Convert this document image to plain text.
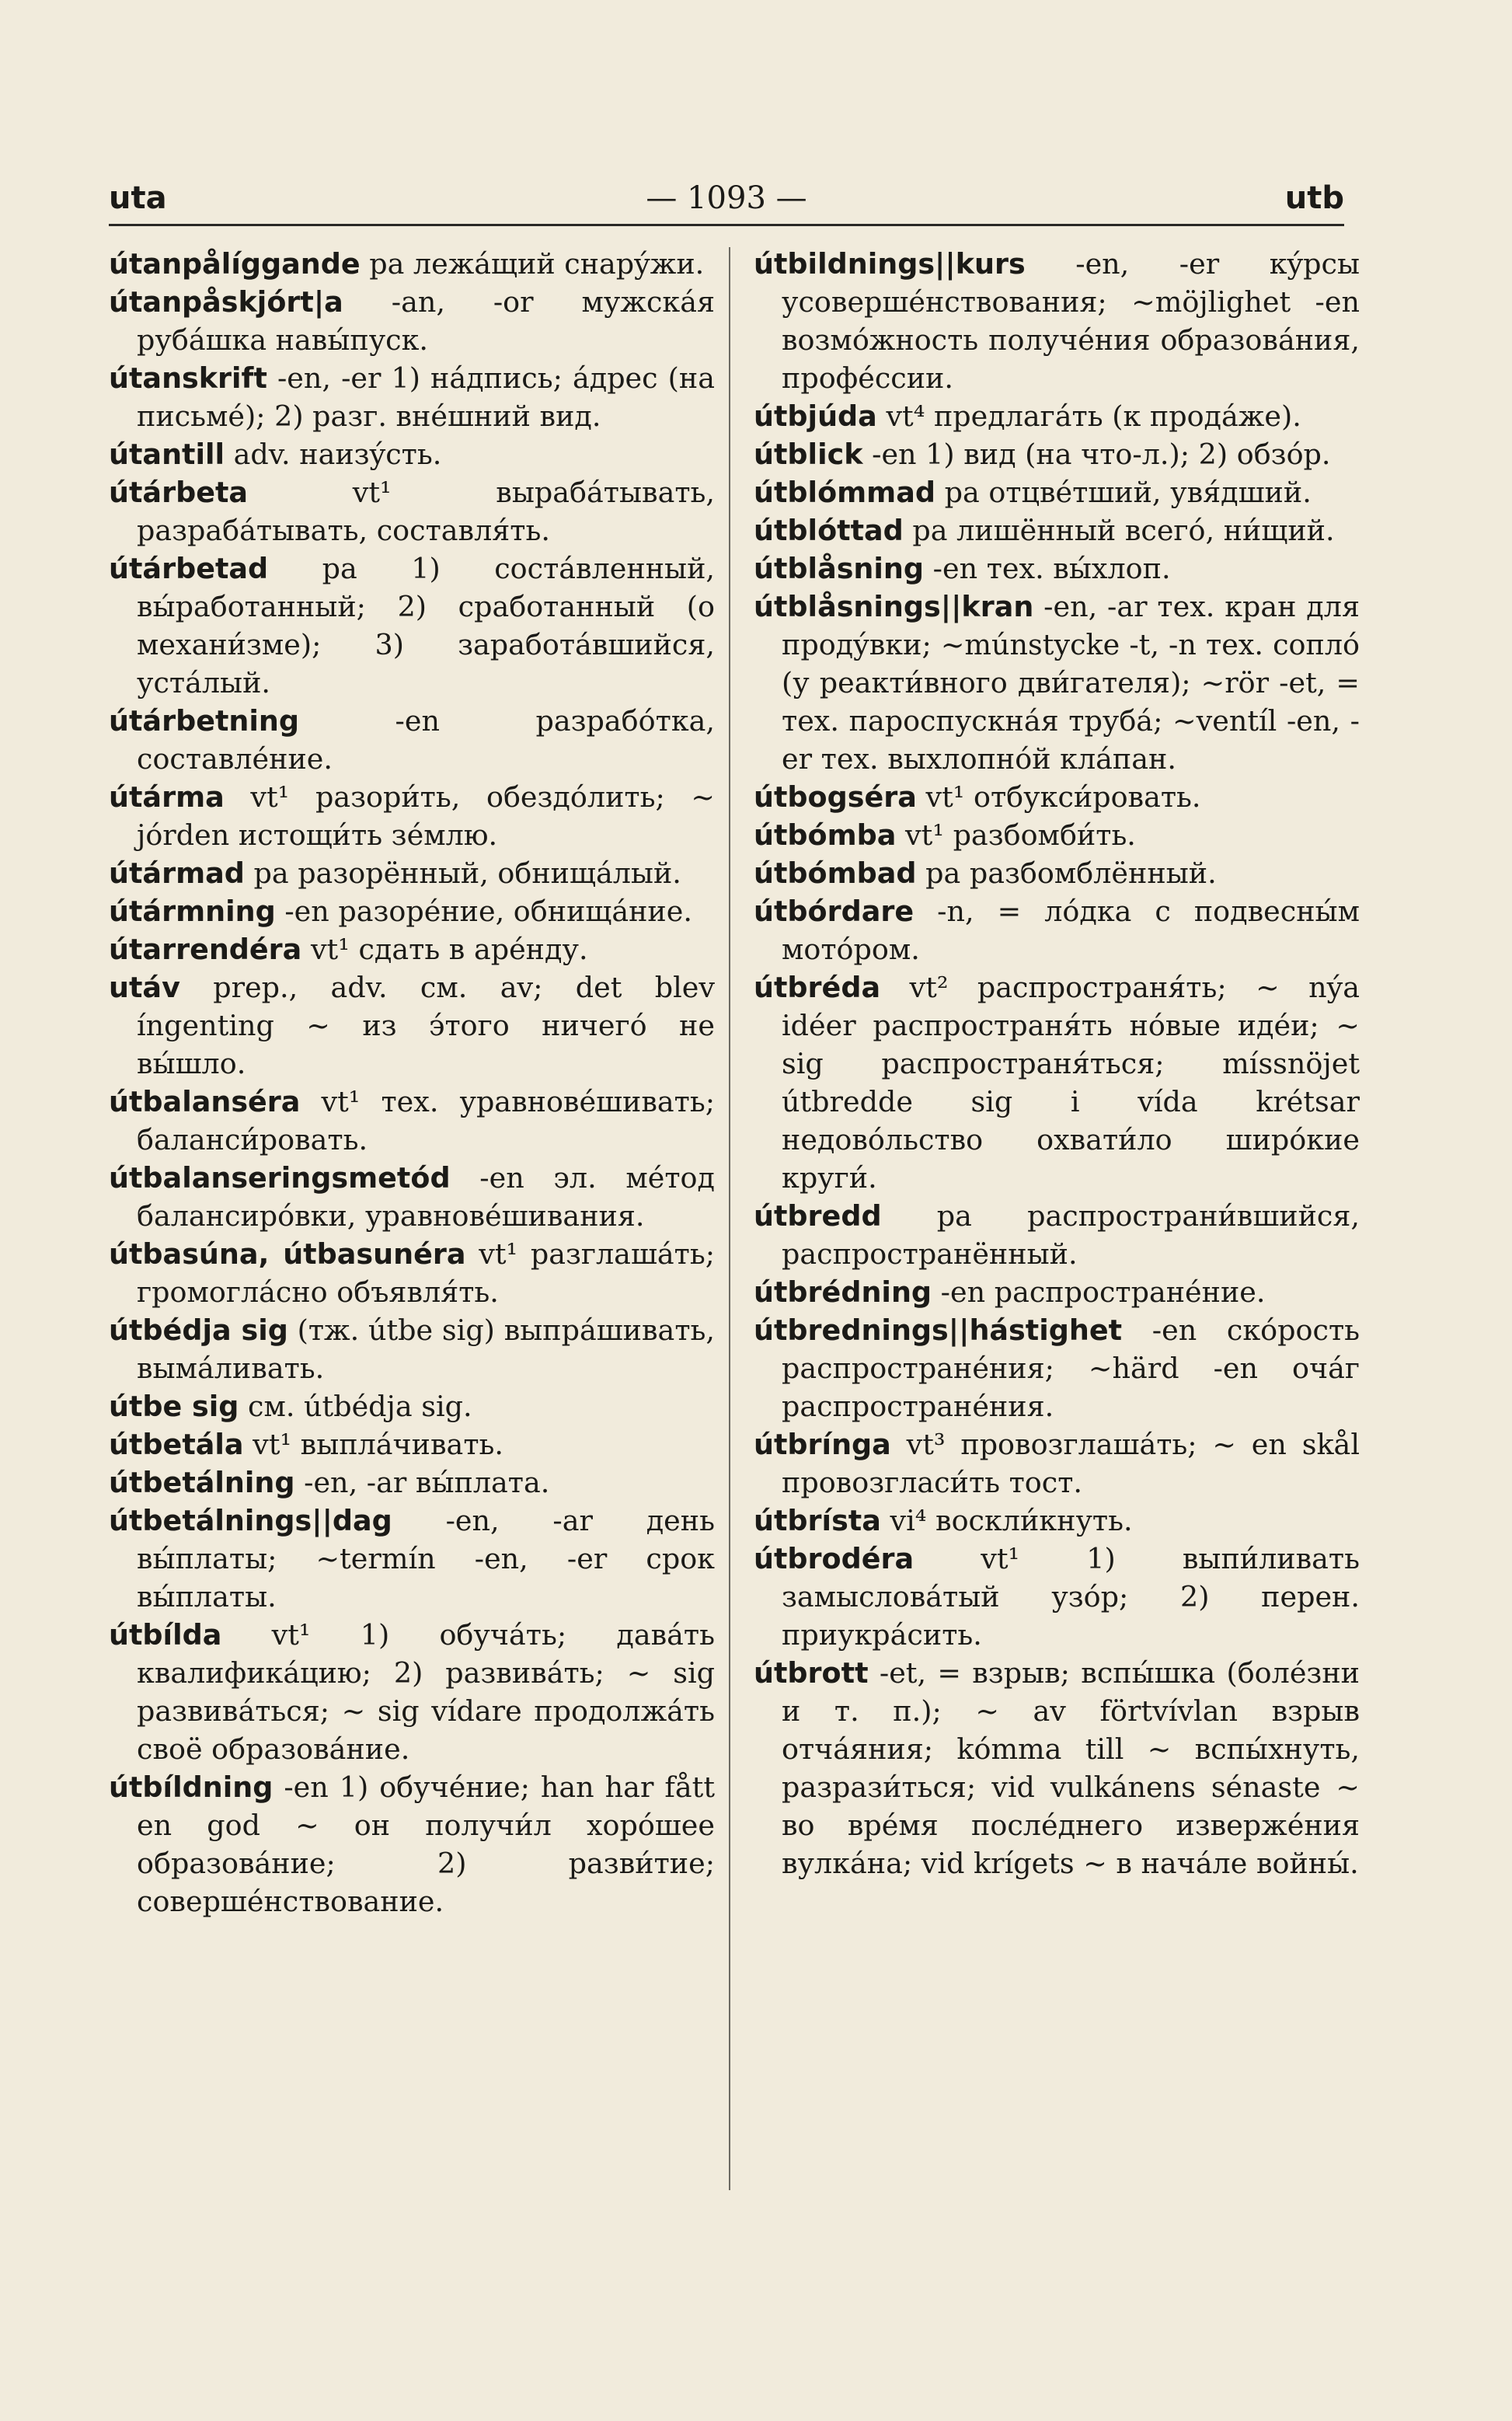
uta	— 1093 —	utb

útanpålíggande pa лежáщий снарýжи.

útanpåskjórt|a -an, -or мужскáя рубáшка навы́пуск.

útanskrift -en, -er 1) нáдпись; áдрес (на письмé); 2) разг. внéшний вид.

útantill adv. наизýсть.

útárbeta	vt¹ вырабáтывать, разрабáтывать, составля́ть.

útárbetad pa 1) состáвленный, вы́работанный; 2) сработанный (о механи́зме); 3) заработáвшийся, устáлый.

útárbetning	-en разрабóтка, составлéние.

útárma vt¹ разори́ть, обездóлить; ~ jórden истощи́ть зéмлю.

útármad pa разорённый, обнищáлый.

útármning -en разорéние, обнищáние.

útarrendéra vt¹ сдать в арéнду.

utáv prep., adv. см. av; det blev íngenting ~ из э́того ничегó не вы́шло.

útbalanséra vt¹ тех. уравновéшивать; баланси́ровать.

útbalanseringsmetód -en эл. мéтод балансирóвки, уравновéшивания.

útbasúna, útbasunéra vt¹ разглашáть; громоглáсно объявля́ть.

útbédja sig (тж. útbe sig) выпрáшивать, вымáливать.

útbe sig см. útbédja sig.

útbetála vt¹ выплáчивать.

útbetálning -en, -ar вы́плата.

útbetálnings||dag -en, -ar день вы́платы; ~termín -en, -er срок вы́платы.

útbílda vt¹ 1) обучáть; давáть квалификáцию; 2) развивáть; ~ sig развивáться; ~ sig vídare продолжáть своё образовáние.

útbíldning -en 1) обучéние; han har fått en god ~ он получи́л хорóшее образовáние; 2) разви́тие; совершéнствование.

útbildnings||kurs -en, -er кýрсы усовершéнствования; ~möjlighet -en возмóжность получéния образовáния, профéссии.

útbjúda vt⁴ предлагáть (к продáже).

útblick -en 1) вид (на что-л.); 2) обзóр.

útblómmad pa отцвéтший, увя́дший.

útblóttad pa лишённый всегó, ни́щий.

útblåsning -en тех. вы́хлоп.

útblåsnings||kran -en, -ar тех. кран для продýвки; ~múnstycke -t, -n тех. соплó (у реакти́вного дви́гателя); ~rör -et, = тех. пароспускнáя трубá; ~ventíl -en, -er тех. выхлопнóй клáпан.

útbogséra vt¹ отбукси́ровать.

útbómba vt¹ разбомби́ть.

útbómbad pa разбомблённый.

útbórdare -n, = лóдка с подвесны́м мотóром.

útbréda vt² распространя́ть; ~ nýa idéer распространя́ть нóвые идéи; ~ sig распространя́ться; míssnöjet útbredde sig i vída krétsar недовóльство охвати́ло ширóкие круги́.

útbredd pa распространи́вшийся, распространённый.

útbrédning -en распространéние.

útbrednings||hástighet -en скóрость распространéния; ~härd -en очáг распространéния.

útbrínga vt³ провозглашáть; ~ en skål провозгласи́ть тост.

útbrísta vi⁴ воскли́кнуть.

útbrodéra vt¹ 1) выпи́ливать замысловáтый узóр; 2) перен. приукрáсить.

útbrott -et, = взрыв; вспы́шка (болéзни и т. п.); ~ av förtvívlan взрыв отчáяния; kómma till ~ вспы́хнуть, разрази́ться; vid vulkánens sénaste ~ во врéмя послéднего извержéния вулкáна; vid krígets ~ в начáле войны́.
